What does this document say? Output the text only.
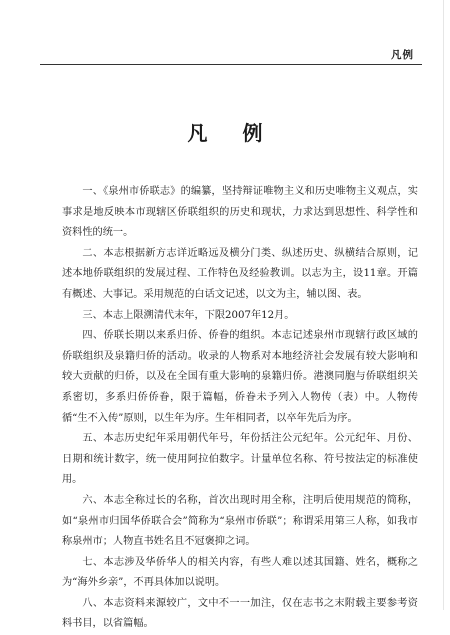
凡例
凡 例

一、《泉州市侨联志》的编纂，坚持辩证唯物主义和历史唯物主义观点，实事求是地反映本市现辖区侨联组织的历史和现状，力求达到思想性、科学性和资料性的统一。

二、本志根据新方志详近略远及横分门类、纵述历史、纵横结合原则，记述本地侨联组织的发展过程、工作特色及经验教训。以志为主，设11章。开篇有概述、大事记。采用规范的白话文记述，以文为主，辅以图、表。

三、本志上限溯清代末年，下限2007年12月。

四、侨联长期以来系归侨、侨眷的组织。本志记述泉州市现辖行政区域的侨联组织及泉籍归侨的活动。收录的人物系对本地经济社会发展有较大影响和较大贡献的归侨，以及在全国有重大影响的泉籍归侨。港澳同胞与侨联组织关系密切，多系归侨侨眷，限于篇幅，侨眷未予列入人物传（表）中。人物传循“生不入传”原则，以生年为序。生年相同者，以卒年先后为序。

五、本志历史纪年采用朝代年号，年份括注公元纪年。公元纪年、月份、日期和统计数字，统一使用阿拉伯数字。计量单位名称、符号按法定的标准使用。

六、本志全称过长的名称，首次出现时用全称，注明后使用规范的简称，如“泉州市归国华侨联合会”简称为“泉州市侨联”；称谓采用第三人称，如我市称泉州市；人物直书姓名且不冠褒抑之词。

七、本志涉及华侨华人的相关内容，有些人难以述其国籍、姓名，概称之为“海外乡亲”，不再具体加以说明。

八、本志资料来源较广，文中不一一加注，仅在志书之末附载主要参考资料书目，以省篇幅。
